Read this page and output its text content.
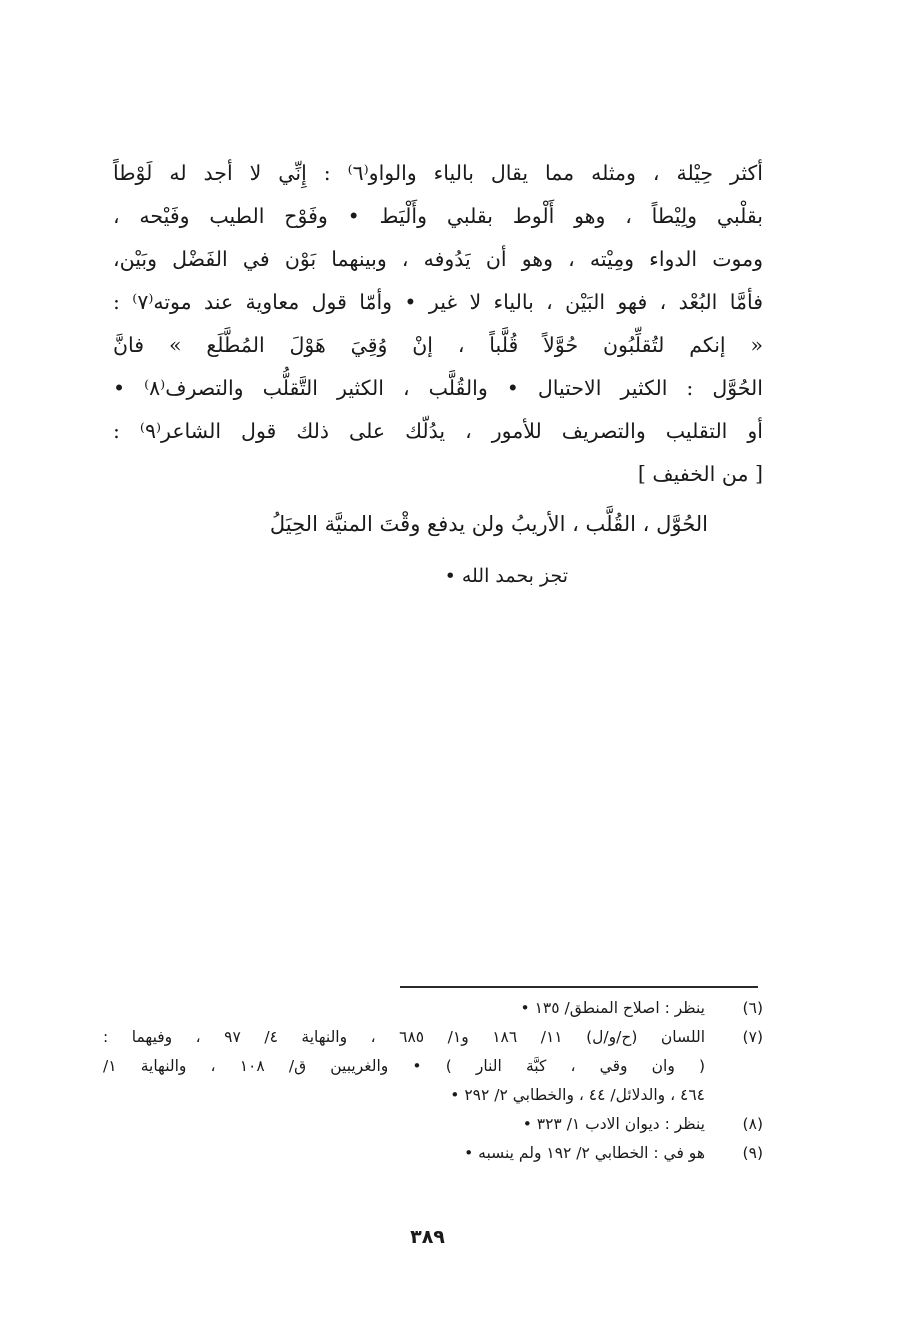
أكثر حِيْلة ، ومثله مما يقال بالياء والواو⁽٦⁾ : إِنِّي لا أجد له لَوْطاً
بقلْبي ولِيْطاً ، وهو أَلْوط بقلبي وأَلْيَط • وفَوْح الطيب وفَيْحه ،
وموت الدواء ومِيْته ، وهو أن يَدُوفه ، وبينهما بَوْن في الفَضْل وبَيْن،
فأمَّا البُعْد ، فهو البَيْن ، بالياء لا غير • وأمّا قول معاوية عند موته⁽٧⁾ :
« إنكم لتُقلِّبُون حُوَّلاً قُلَّباً ، إنْ وُقِيَ هَوْلَ المُطَّلَع » فانَّ
الحُوَّل : الكثير الاحتيال • والقُلَّب ، الكثير التَّقلُّب والتصرف⁽٨⁾ •
أو التقليب والتصريف للأمور ، يدُلّك على ذلك قول الشاعر⁽٩⁾ :
[ من الخفيف ]
الحُوَّل ، القُلَّب ، الأريبُ ولن يدفع وقْتَ المنيَّة الحِيَلُ
تجز بحمد الله •
(٦)
ينظر : اصلاح المنطق/ ١٣٥ •
(٧)
اللسان (ح/و/ل) ١١/ ١٨٦ و١/ ٦٨٥ ، والنهاية ٤/ ٩٧ ، وفيهما :
( وان وقي ، كبَّة النار ) • والغريبين ق/ ١٠٨ ، والنهاية ١/
٤٦٤ ، والدلائل/ ٤٤ ، والخطابي ٢/ ٢٩٢ •
(٨)
ينظر : ديوان الادب ١/ ٣٢٣ •
(٩)
هو في : الخطابي ٢/ ١٩٢ ولم ينسبه •
٣٨٩
